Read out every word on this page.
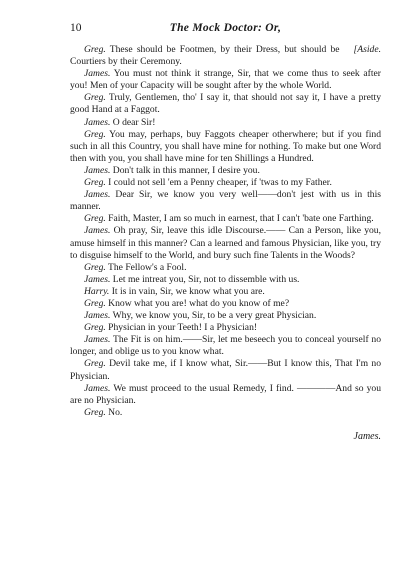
10	The Mock Doctor: Or,

[Aside.
Greg. These should be Footmen, by their Dress, but should be Courtiers by their Ceremony.

James. You must not think it strange, Sir, that we come thus to seek after you! Men of your Capacity will be sought after by the whole World.

Greg. Truly, Gentlemen, tho' I say it, that should not say it, I have a pretty good Hand at a Faggot.

James. O dear Sir!

Greg. You may, perhaps, buy Faggots cheaper otherwhere; but if you find such in all this Country, you shall have mine for nothing. To make but one Word then with you, you shall have mine for ten Shillings a Hundred.

James. Don't talk in this manner, I desire you.

Greg. I could not sell 'em a Penny cheaper, if 'twas to my Father.

James. Dear Sir, we know you very well——don't jest with us in this manner.

Greg. Faith, Master, I am so much in earnest, that I can't 'bate one Farthing.

James. Oh pray, Sir, leave this idle Discourse.—— Can a Person, like you, amuse himself in this manner? Can a learned and famous Physician, like you, try to disguise himself to the World, and bury such fine Talents in the Woods?

Greg. The Fellow's a Fool.

James. Let me intreat you, Sir, not to dissemble with us.

Harry. It is in vain, Sir, we know what you are.

Greg. Know what you are! what do you know of me?

James. Why, we know you, Sir, to be a very great Physician.

Greg. Physician in your Teeth! I a Physician!

James. The Fit is on him.——Sir, let me beseech you to conceal yourself no longer, and oblige us to you know what.

Greg. Devil take me, if I know what, Sir.——But I know this, That I'm no Physician.

James. We must proceed to the usual Remedy, I find. ————And so you are no Physician.

Greg. No.

James.
